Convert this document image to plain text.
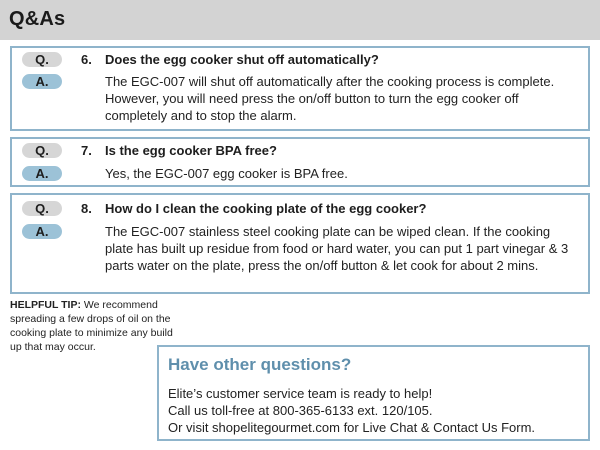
Q&As
Q.	6. Does the egg cooker shut off automatically?
A.	The EGC-007 will shut off automatically after the cooking process is complete. However, you will need press the on/off button to turn the egg cooker off completely and to stop the alarm.
Q.	7. Is the egg cooker BPA free?
A.	Yes, the EGC-007 egg cooker is BPA free.
Q.	8. How do I clean the cooking plate of the egg cooker?
A.	The EGC-007 stainless steel cooking plate can be wiped clean. If the cooking plate has built up residue from food or hard water, you can put 1 part vinegar & 3 parts water on the plate, press the on/off button & let cook for about 2 mins.
HELPFUL TIP: We recommend spreading a few drops of oil on the cooking plate to minimize any build up that may occur.
Have other questions?
Elite’s customer service team is ready to help!
Call us toll-free at 800-365-6133 ext. 120/105.
Or visit shopelitegourmet.com for Live Chat & Contact Us Form.
